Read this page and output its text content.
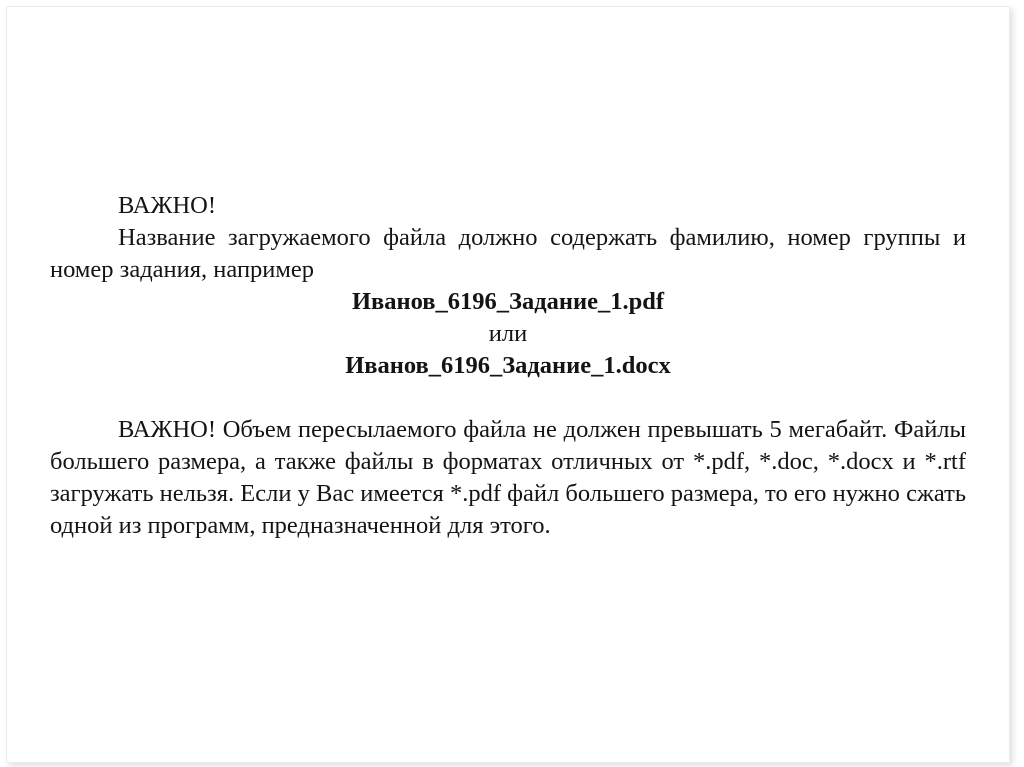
ВАЖНО!

Название загружаемого файла должно содержать фамилию, номер группы и номер задания, например

Иванов_6196_Задание_1.pdf

или

Иванов_6196_Задание_1.docx

ВАЖНО! Объем пересылаемого файла не должен превышать 5 мегабайт. Файлы большего размера, а также файлы в форматах отличных от *.pdf, *.doc, *.docx и *.rtf загружать нельзя. Если у Вас имеется *.pdf файл большего размера, то его нужно сжать одной из программ, предназначенной для этого.
